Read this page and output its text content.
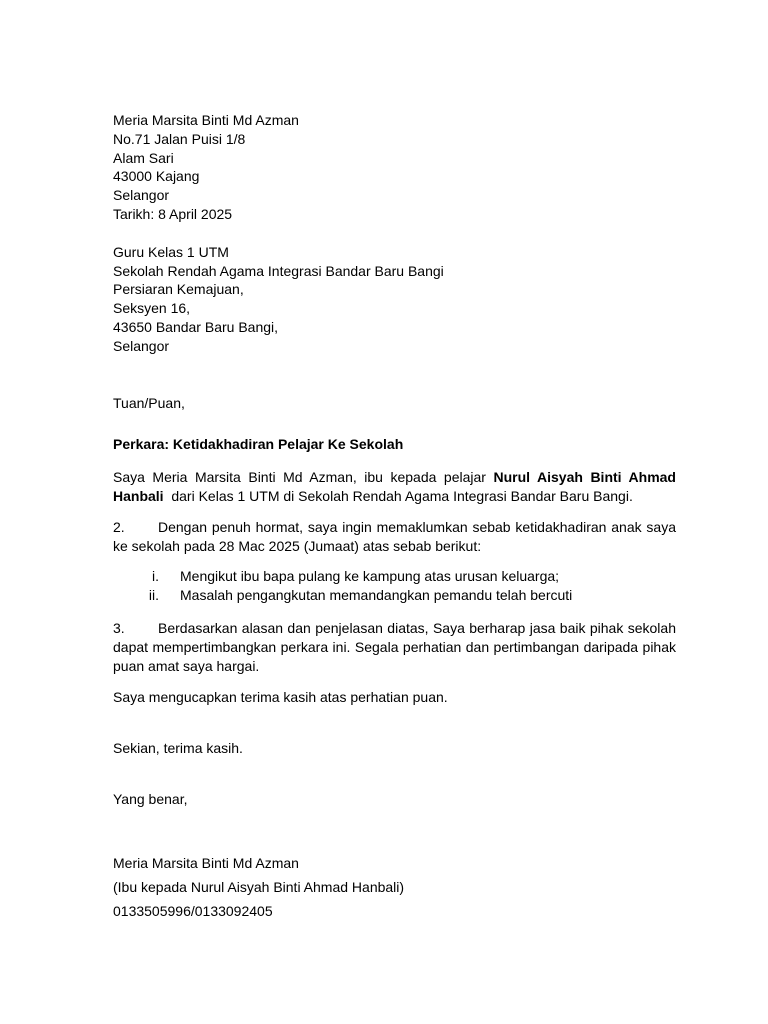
Meria Marsita Binti Md Azman
No.71 Jalan Puisi 1/8
Alam Sari
43000 Kajang
Selangor
Tarikh: 8 April 2025
Guru Kelas 1 UTM
Sekolah Rendah Agama Integrasi Bandar Baru Bangi
Persiaran Kemajuan,
Seksyen 16,
43650 Bandar Baru Bangi,
Selangor
Tuan/Puan,
Perkara: Ketidakhadiran Pelajar Ke Sekolah

Saya Meria Marsita Binti Md Azman, ibu kepada pelajar Nurul Aisyah Binti Ahmad Hanbali  dari Kelas 1 UTM di Sekolah Rendah Agama Integrasi Bandar Baru Bangi.

2. Dengan penuh hormat, saya ingin memaklumkan sebab ketidakhadiran anak saya ke sekolah pada 28 Mac 2025 (Jumaat) atas sebab berikut:

i. Mengikut ibu bapa pulang ke kampung atas urusan keluarga;
ii. Masalah pengangkutan memandangkan pemandu telah bercuti

3. Berdasarkan alasan dan penjelasan diatas, Saya berharap jasa baik pihak sekolah dapat mempertimbangkan perkara ini. Segala perhatian dan pertimbangan daripada pihak puan amat saya hargai.

Saya mengucapkan terima kasih atas perhatian puan.

Sekian, terima kasih.
Yang benar,
Meria Marsita Binti Md Azman
(Ibu kepada Nurul Aisyah Binti Ahmad Hanbali)
0133505996/0133092405
